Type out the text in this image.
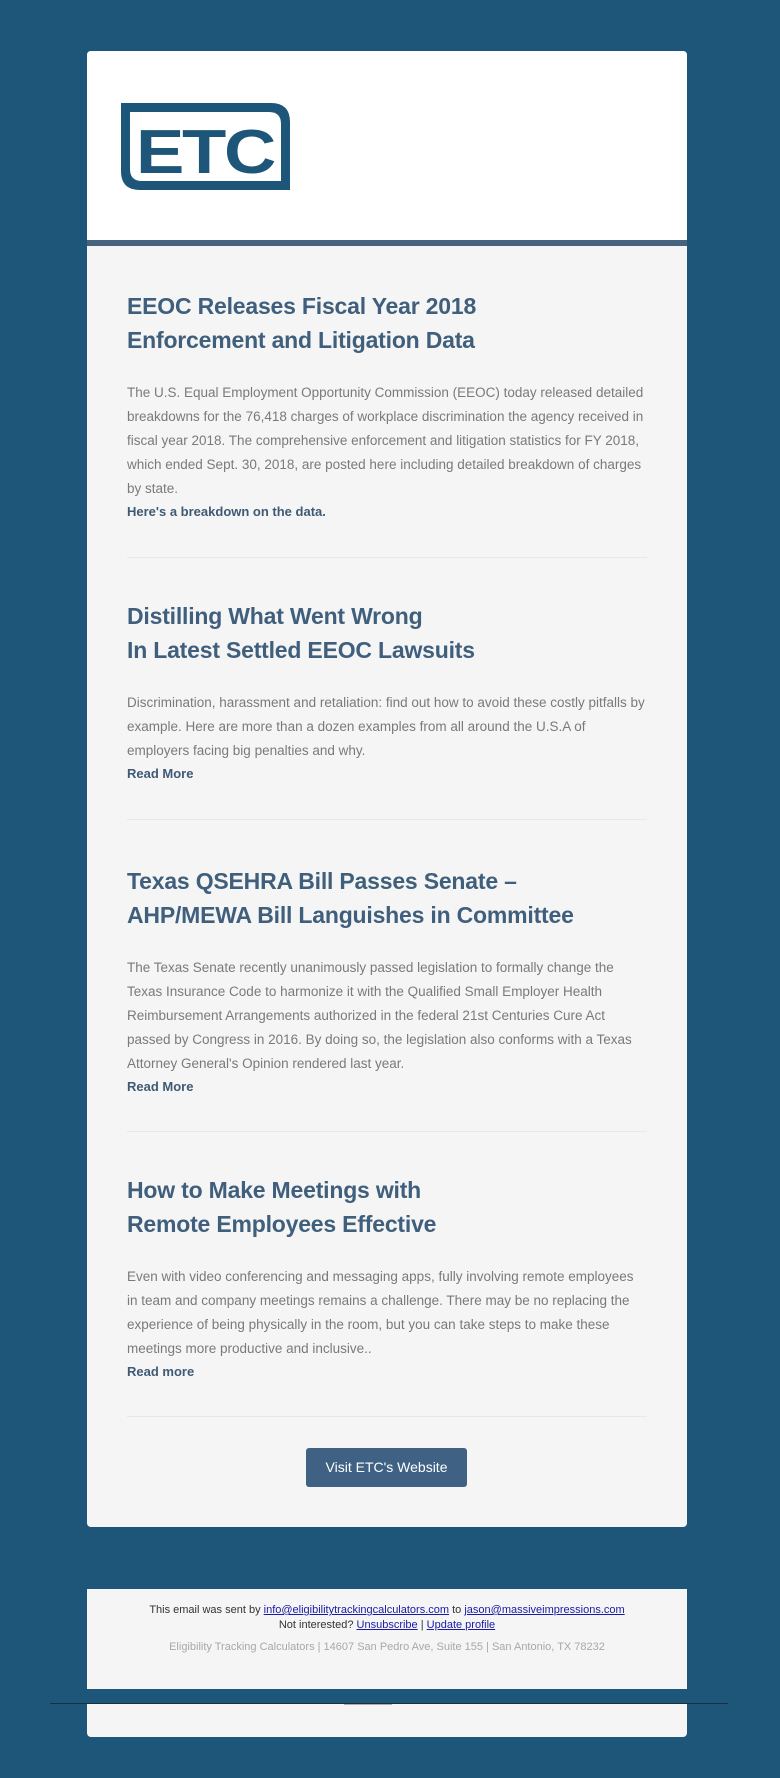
ETC
EEOC Releases Fiscal Year 2018
Enforcement and Litigation Data

The U.S. Equal Employment Opportunity Commission (EEOC) today released detailed breakdowns for the 76,418 charges of workplace discrimination the agency received in fiscal year 2018. The comprehensive enforcement and litigation statistics for FY 2018, which ended Sept. 30, 2018, are posted here including detailed breakdown of charges by state.

Here's a breakdown on the data.
Distilling What Went Wrong
In Latest Settled EEOC Lawsuits

Discrimination, harassment and retaliation: find out how to avoid these costly pitfalls by example. Here are more than a dozen examples from all around the U.S.A of employers facing big penalties and why.

Read More
Texas QSEHRA Bill Passes Senate –
AHP/MEWA Bill Languishes in Committee

The Texas Senate recently unanimously passed legislation to formally change the Texas Insurance Code to harmonize it with the Qualified Small Employer Health Reimbursement Arrangements authorized in the federal 21st Centuries Cure Act passed by Congress in 2016. By doing so, the legislation also conforms with a Texas Attorney General's Opinion rendered last year.

Read More
How to Make Meetings with
Remote Employees Effective

Even with video conferencing and messaging apps, fully involving remote employees in team and company meetings remains a challenge. There may be no replacing the experience of being physically in the room, but you can take steps to make these meetings more productive and inclusive..

Read more
Visit ETC's Website
This email was sent by info@eligibilitytrackingcalculators.com to jason@massiveimpressions.com
Not interested? Unsubscribe | Update profile
Eligibility Tracking Calculators | 14607 San Pedro Ave, Suite 155 | San Antonio, TX 78232
